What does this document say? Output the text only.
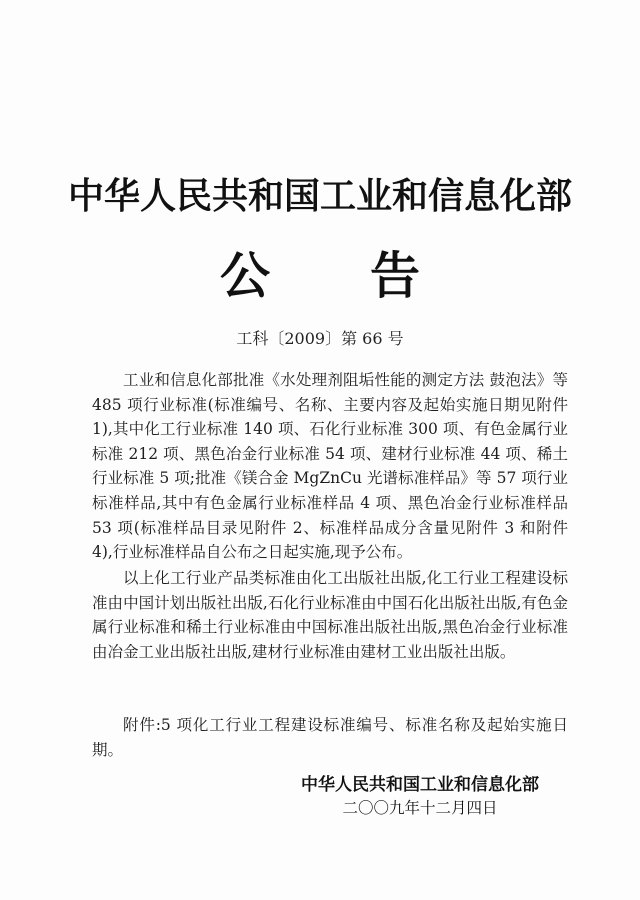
中华人民共和国工业和信息化部
公告
工科〔2009〕第 66 号

工业和信息化部批准《水处理剂阻垢性能的测定方法 鼓泡法》等 485 项行业标准(标准编号、名称、主要内容及起始实施日期见附件 1),其中化工行业标准 140 项、石化行业标准 300 项、有色金属行业标准 212 项、黑色冶金行业标准 54 项、建材行业标准 44 项、稀土行业标准 5 项;批准《镁合金 MgZnCu 光谱标准样品》等 57 项行业标准样品,其中有色金属行业标准样品 4 项、黑色冶金行业标准样品 53 项(标准样品目录见附件 2、标准样品成分含量见附件 3 和附件 4),行业标准样品自公布之日起实施,现予公布。

以上化工行业产品类标准由化工出版社出版,化工行业工程建设标准由中国计划出版社出版,石化行业标准由中国石化出版社出版,有色金属行业标准和稀土行业标准由中国标准出版社出版,黑色冶金行业标准由冶金工业出版社出版,建材行业标准由建材工业出版社出版。

附件:5 项化工行业工程建设标准编号、标准名称及起始实施日期。

中华人民共和国工业和信息化部
二〇〇九年十二月四日
